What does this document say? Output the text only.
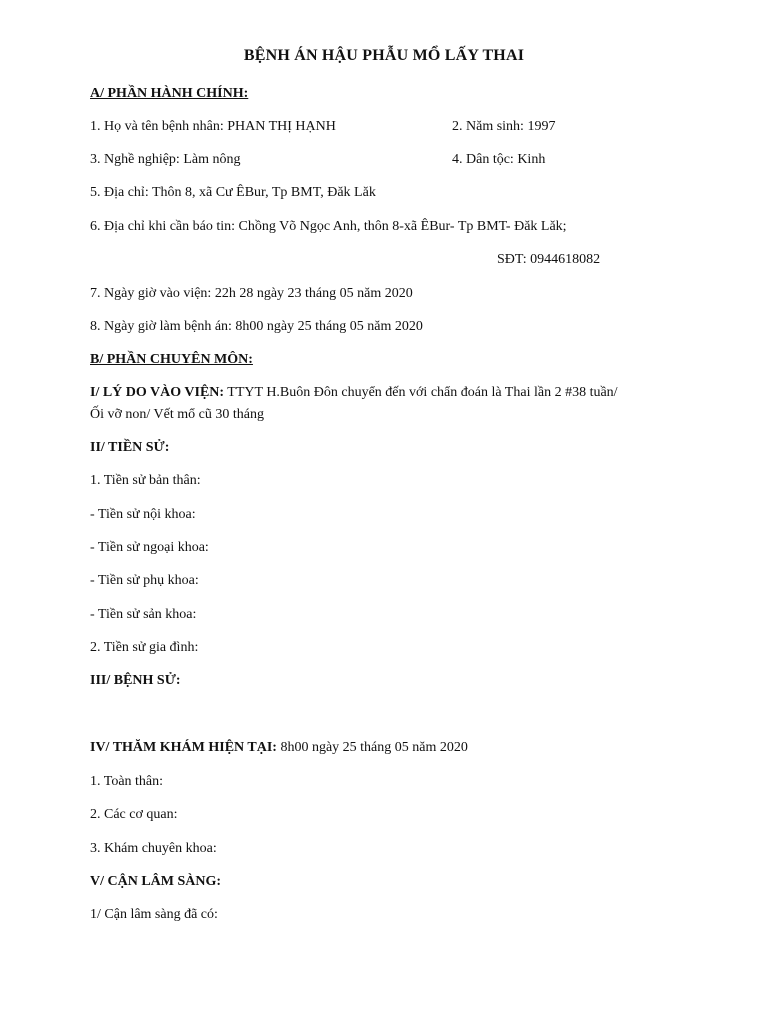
BỆNH ÁN HẬU PHẪU MỔ LẤY THAI
A/ PHẦN HÀNH CHÍNH:
1. Họ và tên bệnh nhân: PHAN THỊ HẠNH	2. Năm sinh: 1997
3. Nghề nghiệp: Làm nông	4. Dân tộc: Kinh
5. Địa chỉ: Thôn 8, xã Cư ÊBur, Tp BMT, Đăk Lăk
6. Địa chỉ khi cần báo tin: Chồng Võ Ngọc Anh, thôn 8-xã ÊBur- Tp BMT- Đăk Lăk;
SĐT: 0944618082
7. Ngày giờ vào viện: 22h 28 ngày 23 tháng 05 năm 2020
8. Ngày giờ làm bệnh án: 8h00 ngày 25 tháng 05 năm 2020
B/ PHẦN CHUYÊN MÔN:
I/ LÝ DO VÀO VIỆN: TTYT H.Buôn Đôn chuyển đến với chẩn đoán là Thai lần 2 #38 tuần/
Ối vỡ non/ Vết mổ cũ 30 tháng
II/ TIỀN SỬ:
1. Tiền sử bản thân:
- Tiền sử nội khoa:
- Tiền sử ngoại khoa:
- Tiền sử phụ khoa:
- Tiền sử sản khoa:
2. Tiền sử gia đình:
III/ BỆNH SỬ:
IV/ THĂM KHÁM HIỆN TẠI: 8h00 ngày 25 tháng 05 năm 2020
1. Toàn thân:
2. Các cơ quan:
3. Khám chuyên khoa:
V/ CẬN LÂM SÀNG:
1/ Cận lâm sàng đã có:
